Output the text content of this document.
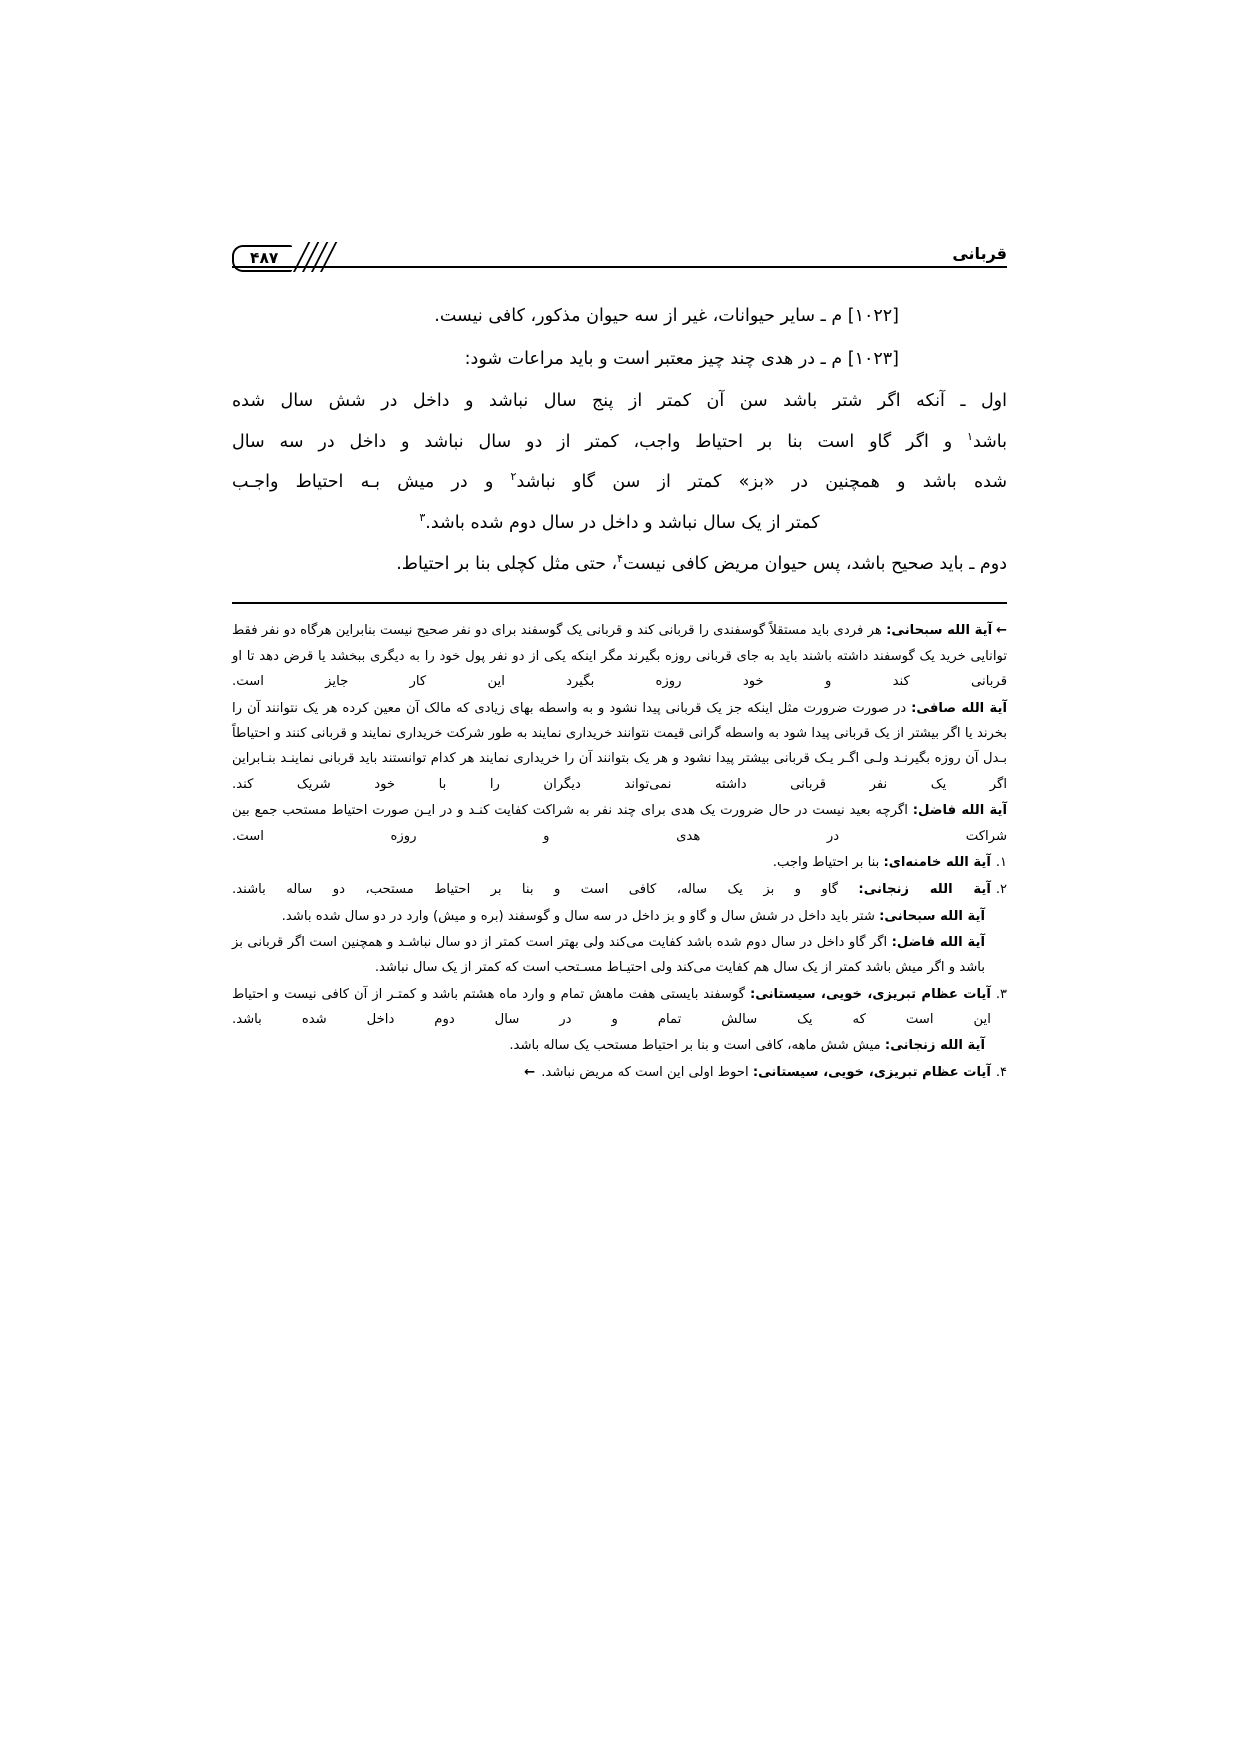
۴۸۷	قربانی

[۱۰۲۲] م ـ سایر حیوانات، غیر از سه حیوان مذکور، کافی نیست.

[۱۰۲۳] م ـ در هدی چند چیز معتبر است و باید مراعات شود:

اول ـ آنکه اگر شتر باشد سن آن کمتر از پنج سال نباشد و داخل در شش سال شده

باشد$^۱$ و اگر گاو است بنا بر احتیاط واجب، کمتر از دو سال نباشد و داخل در سه سال

شده باشد و همچنین در «بز» کمتر از سن گاو نباشد$^۲$ و در میش بـه احتیاط واجـب

کمتر از یک سال نباشد و داخل در سال دوم شده باشد.$^۳$

دوم ـ باید صحیح باشد، پس حیوان مریض کافی نیست$^۴$، حتی مثل کچلی بنا بر احتیاط.

←آیة الله سبحانی: هر فردی باید مستقلاً گوسفندی را قربانی کند و قربانی یک گوسفند برای دو نفر صحیح نیست بنابراین هرگاه دو نفر فقط توانایی خرید یک گوسفند داشته باشند باید به جای قربانی روزه بگیرند مگر اینکه یکی از دو نفر پول خود را به دیگری ببخشد یا قرض دهد تا او قربانی کند و خود روزه بگیرد این کار جایز است.

آیة الله صافی: در صورت ضرورت مثل اینکه جز یک قربانی پیدا نشود و به واسطه بهای زیادی که مالک آن معین کرده هر یک نتوانند آن را بخرند یا اگر بیشتر از یک قربانی پیدا شود به واسطه گرانی قیمت نتوانند خریداری نمایند به طور شرکت خریداری نمایند و قربانی کنند و احتیاطاً بـدل آن روزه بگیرنـد ولـی اگـر یـک قربانی بیشتر پیدا نشود و هر یک بتوانند آن را خریداری نمایند هر کدام توانستند باید قربانی نماینـد بنـابراین اگر یک نفر قربانی داشته نمی‌تواند دیگران را با خود شریک کند.

آیة الله فاضل: اگرچه بعید نیست در حال ضرورت یک هدی برای چند نفر به شراکت کفایت کنـد و در ایـن صورت احتیاط مستحب جمع بین شراکت در هدی و روزه است.

۱.
آیة الله خامنه‌ای: بنا بر احتیاط واجب.
۲.
آیة الله زنجانی: گاو و بز یک ساله، کافی است و بنا بر احتیاط مستحب، دو ساله باشند.

آیة الله سبحانی: شتر باید داخل در شش سال و گاو و بز داخل در سه سال و گوسفند (بره و میش) وارد در دو سال شده باشد.

آیة الله فاضل: اگر گاو داخل در سال دوم شده باشد کفایت می‌کند ولی بهتر است کمتر از دو سال نباشـد و همچنین است اگر قربانی بز باشد و اگر میش باشد کمتر از یک سال هم کفایت می‌کند ولی احتیـاط مسـتحب است که کمتر از یک سال نباشد.

۳.
آیات عظام تبریزی، خویی، سیستانی: گوسفند بایستی هفت ماهش تمام و وارد ماه هشتم باشد و کمتـر از آن کافی نیست و احتیاط این است که یک سالش تمام و در سال دوم داخل شده باشد.

آیة الله زنجانی: میش شش ماهه، کافی است و بنا بر احتیاط مستحب یک ساله باشد.

۴.
آیات عظام تبریزی، خویی، سیستانی: احوط اولی این است که مریض نباشد.←
